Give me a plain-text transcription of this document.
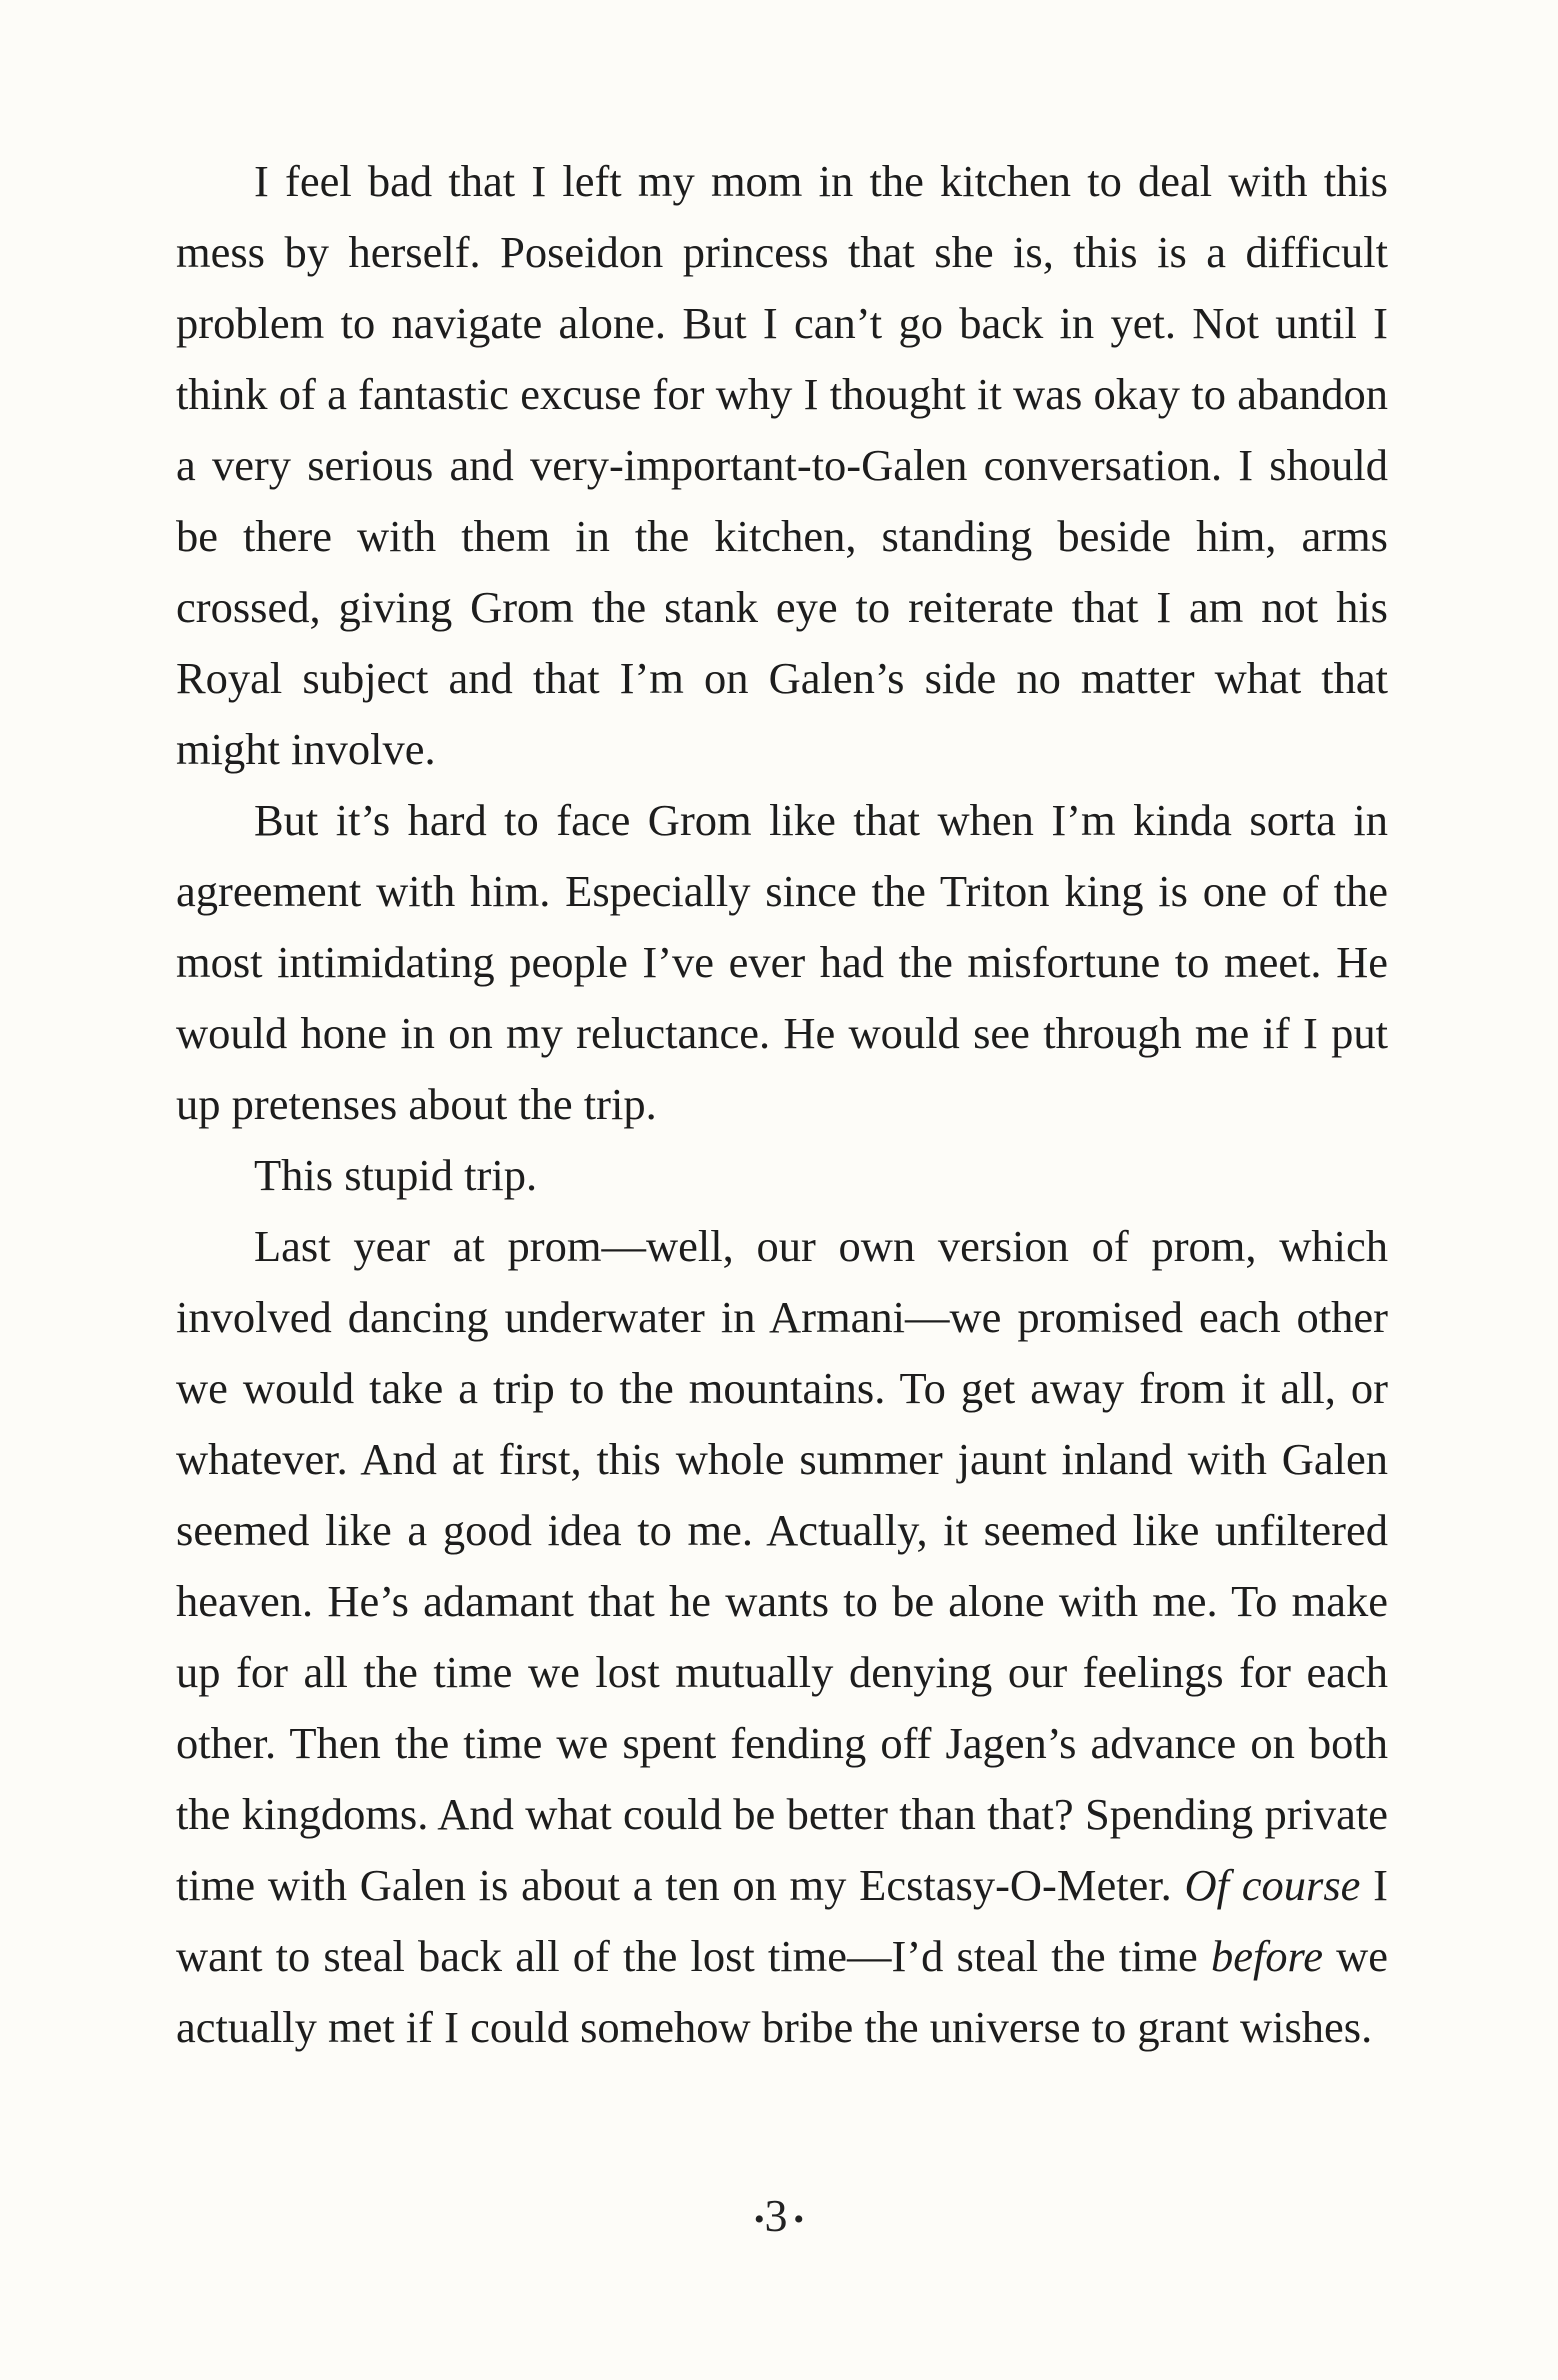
I feel bad that I left my mom in the kitchen to deal with this mess by herself. Poseidon princess that she is, this is a difficult problem to navigate alone. But I can’t go back in yet. Not until I think of a fantastic excuse for why I thought it was okay to abandon a very serious and very-important-to-Galen conversation. I should be there with them in the kitchen, standing beside him, arms crossed, giving Grom the stank eye to reiterate that I am not his Royal subject and that I’m on Galen’s side no matter what that might involve.

But it’s hard to face Grom like that when I’m kinda sorta in agreement with him. Especially since the Triton king is one of the most intimidating people I’ve ever had the misfortune to meet. He would hone in on my reluctance. He would see through me if I put up pretenses about the trip.

This stupid trip.

Last year at prom—well, our own version of prom, which involved dancing underwater in Armani—we promised each other we would take a trip to the mountains. To get away from it all, or whatever. And at first, this whole summer jaunt inland with Galen seemed like a good idea to me. Actually, it seemed like unfiltered heaven. He’s adamant that he wants to be alone with me. To make up for all the time we lost mutually denying our feelings for each other. Then the time we spent fending off Jagen’s advance on both the kingdoms. And what could be better than that? Spending private time with Galen is about a ten on my Ecstasy-O-Meter. Of course I want to steal back all of the lost time—I’d steal the time before we actually met if I could somehow bribe the universe to grant wishes.

•3•
